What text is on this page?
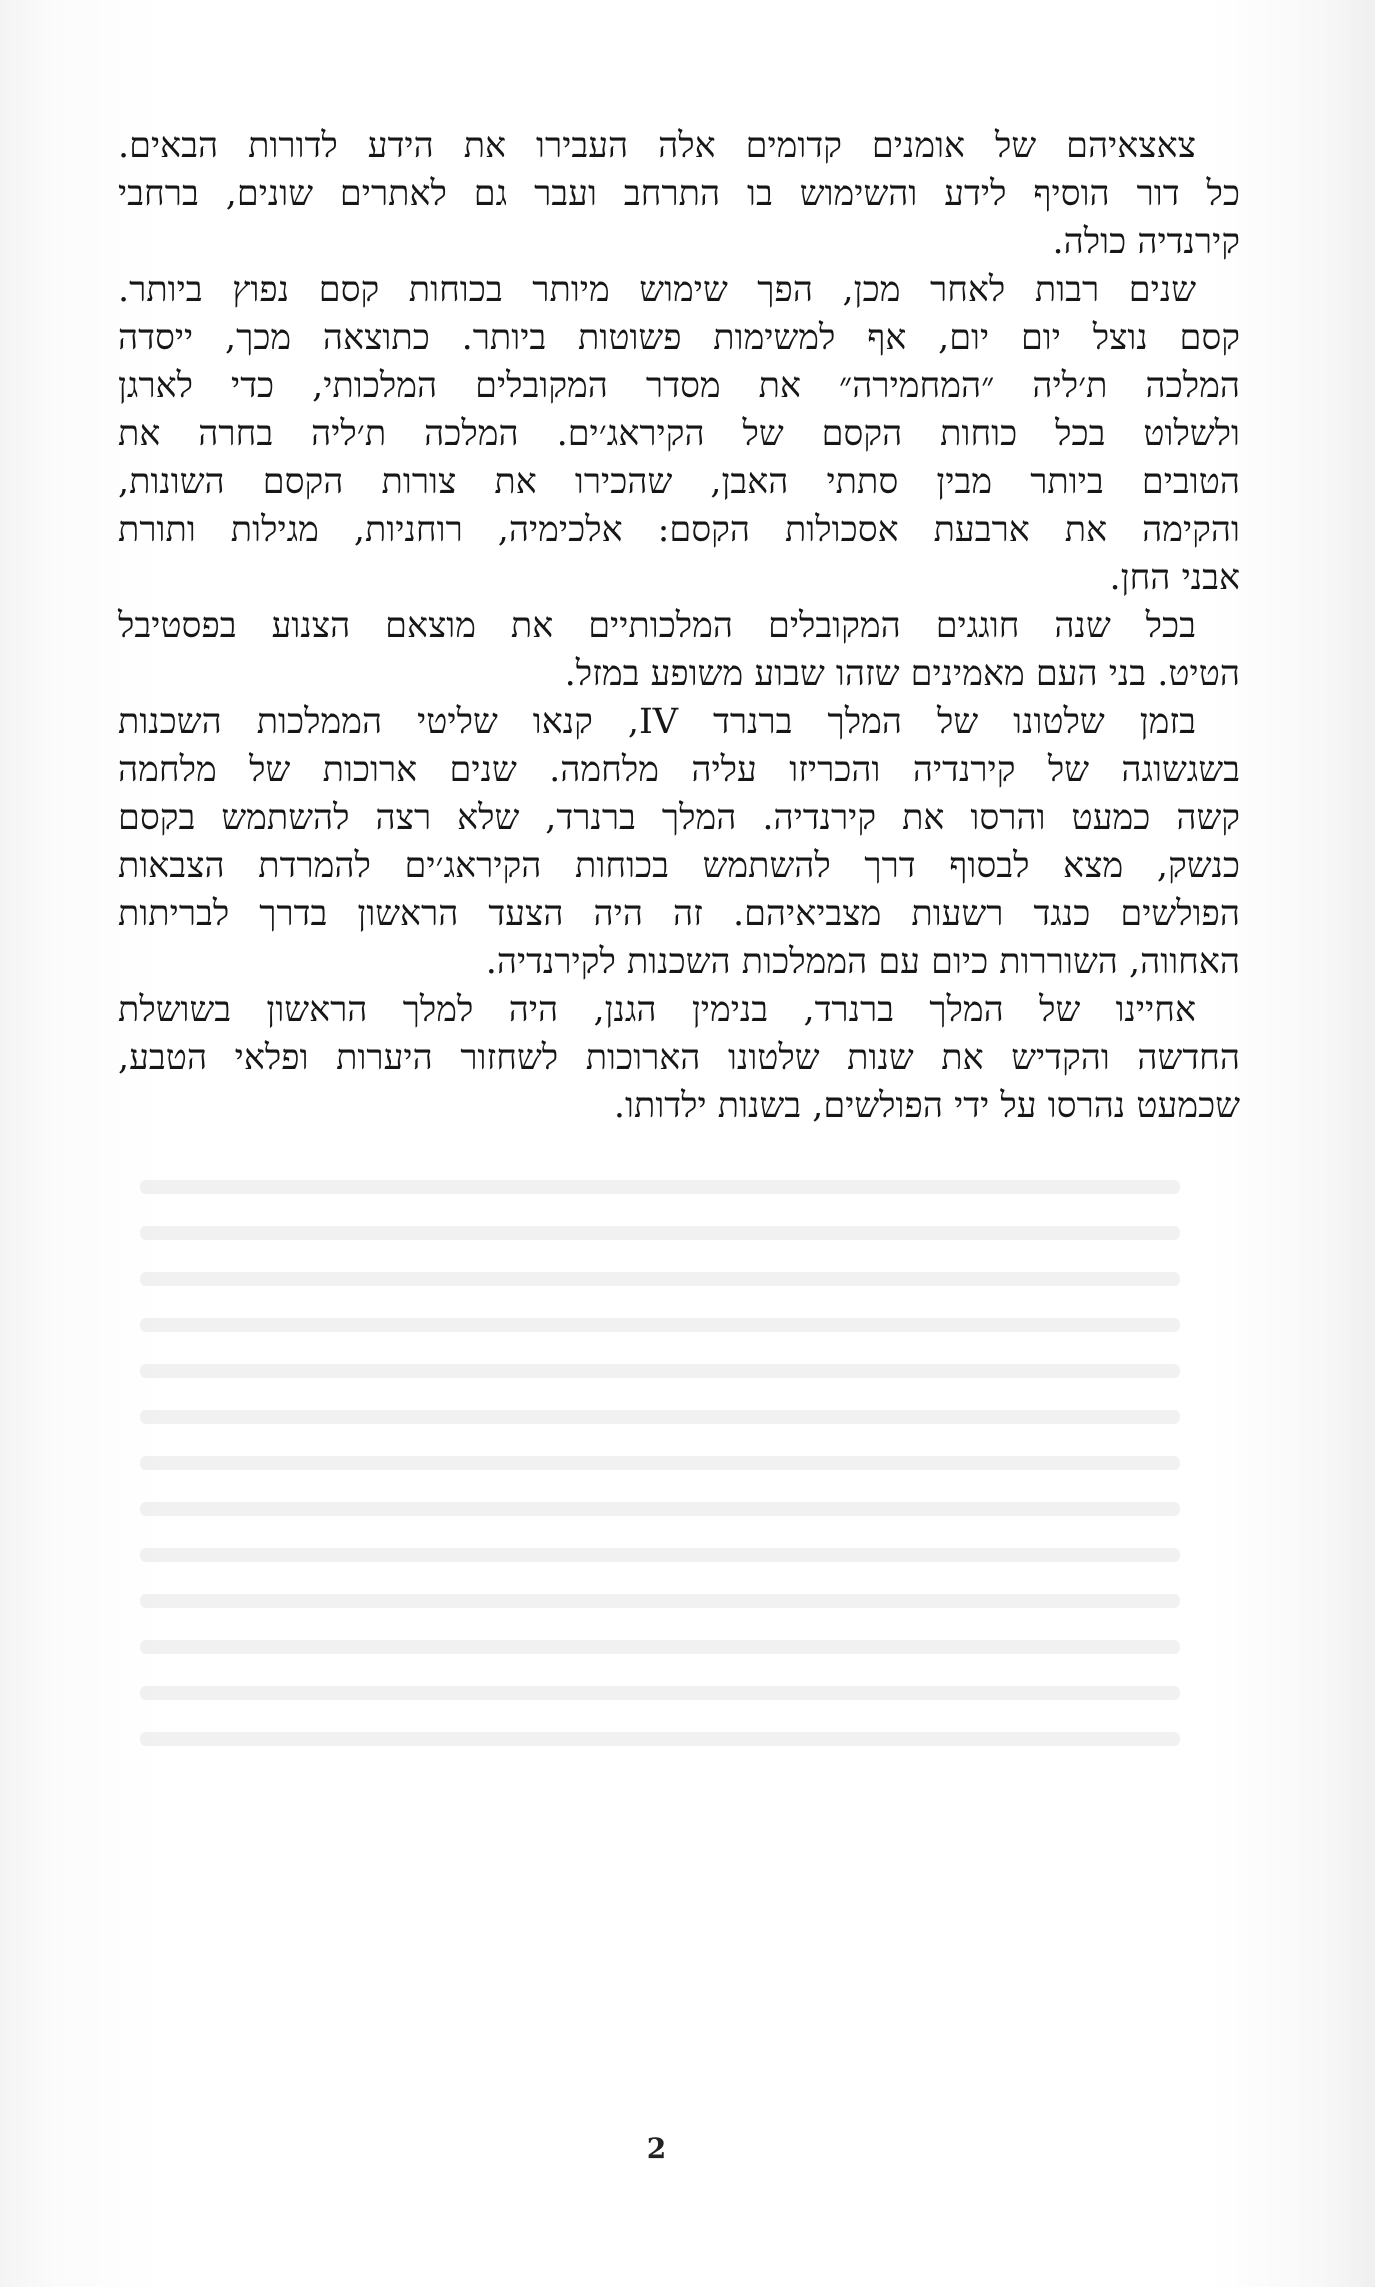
צאצאיהם של אומנים קדומים אלה העבירו את הידע לדורות הבאים.
כל דור הוסיף לידע והשימוש בו התרחב ועבר גם לאתרים שונים, ברחבי
קירנדיה כולה.

שנים רבות לאחר מכן, הפך שימוש מיותר בכוחות קסם נפוץ ביותר.
קסם נוצל יום יום, אף למשימות פשוטות ביותר. כתוצאה מכך, ייסדה
המלכה ת׳ליה ״המחמירה״ את מסדר המקובלים המלכותי, כדי לארגן
ולשלוט בכל כוחות הקסם של הקיראג׳ים. המלכה ת׳ליה בחרה את
הטובים ביותר מבין סתתי האבן, שהכירו את צורות הקסם השונות,
והקימה את ארבעת אסכולות הקסם: אלכימיה, רוחניות, מגילות ותורת
אבני החן.

בכל שנה חוגגים המקובלים המלכותיים את מוצאם הצנוע בפסטיבל
הטיט. בני העם מאמינים שזהו שבוע משופע במזל.

בזמן שלטונו של המלך ברנרד IV, קנאו שליטי הממלכות השכנות
בשגשוגה של קירנדיה והכריזו עליה מלחמה. שנים ארוכות של מלחמה
קשה כמעט והרסו את קירנדיה. המלך ברנרד, שלא רצה להשתמש בקסם
כנשק, מצא לבסוף דרך להשתמש בכוחות הקיראג׳ים להמרדת הצבאות
הפולשים כנגד רשעות מצביאיהם. זה היה הצעד הראשון בדרך לבריתות
האחווה, השוררות כיום עם הממלכות השכנות לקירנדיה.

אחיינו של המלך ברנרד, בנימין הגנן, היה למלך הראשון בשושלת
החדשה והקדיש את שנות שלטונו הארוכות לשחזור היערות ופלאי הטבע,
שכמעט נהרסו על ידי הפולשים, בשנות ילדותו.

2
